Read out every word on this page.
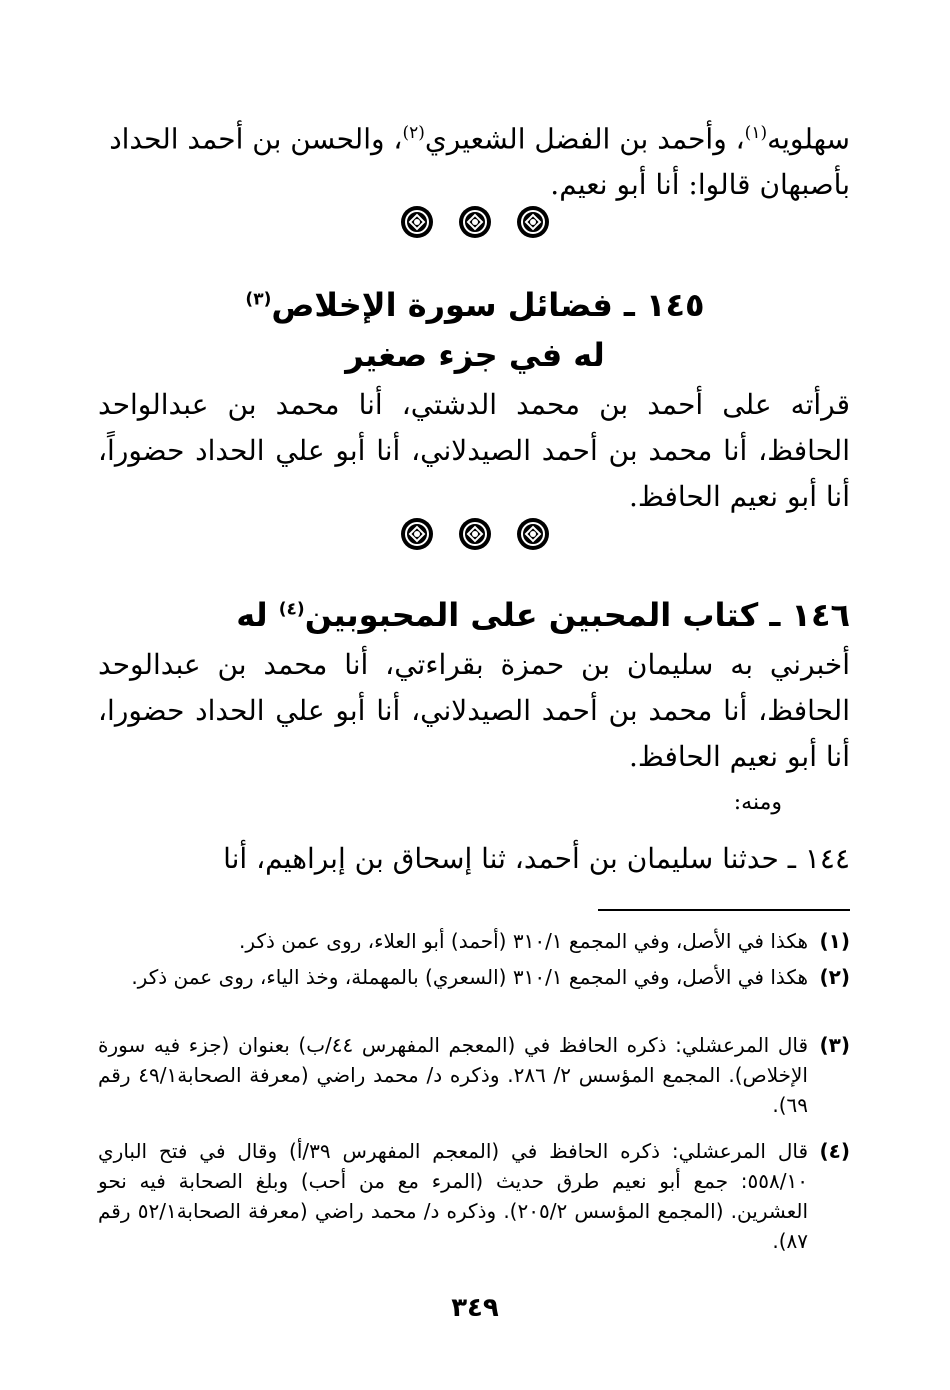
سهلويه$^{(١)}$، وأحمد بن الفضل الشعيري$^{(٢)}$، والحسن بن أحمد الحداد
بأصبهان قالوا: أنا أبو نعيم.
١٤٥ ـ فضائل سورة الإخلاص$^{(٣)}$
له في جزء صغير
قرأته على أحمد بن محمد الدشتي، أنا محمد بن عبدالواحد الحافظ، أنا محمد بن أحمد الصيدلاني، أنا أبو علي الحداد حضوراً، أنا أبو نعيم الحافظ.
١٤٦ ـ كتاب المحبين على المحبوبين$^{(٤)}$ له
أخبرني به سليمان بن حمزة بقراءتي، أنا محمد بن عبدالوحد الحافظ، أنا محمد بن أحمد الصيدلاني، أنا أبو علي الحداد حضورا، أنا أبو نعيم الحافظ.
ومنه:
١٤٤ ـ حدثنا سليمان بن أحمد، ثنا إسحاق بن إبراهيم، أنا
(١)
هكذا في الأصل، وفي المجمع ٣١٠/١ (أحمد) أبو العلاء، روى عمن ذكر.
(٢)
هكذا في الأصل، وفي المجمع ٣١٠/١ (السعري) بالمهملة، وخذ الياء، روى عمن ذكر.
(٣)
قال المرعشلي: ذكره الحافظ في (المعجم المفهرس ٤٤/ب) بعنوان (جزء فيه سورة الإخلاص). المجمع المؤسس ٢/ ٢٨٦. وذكره د/ محمد راضي (معرفة الصحابة٤٩/١ رقم ٦٩).
(٤)
قال المرعشلي: ذكره الحافظ في (المعجم المفهرس ٣٩/أ) وقال في فتح الباري ٥٥٨/١٠: جمع أبو نعيم طرق حديث (المرء مع من أحب) وبلغ الصحابة فيه نحو العشرين. (المجمع المؤسس ٢٠٥/٢). وذكره د/ محمد راضي (معرفة الصحابة٥٢/١ رقم ٨٧).
٣٤٩
